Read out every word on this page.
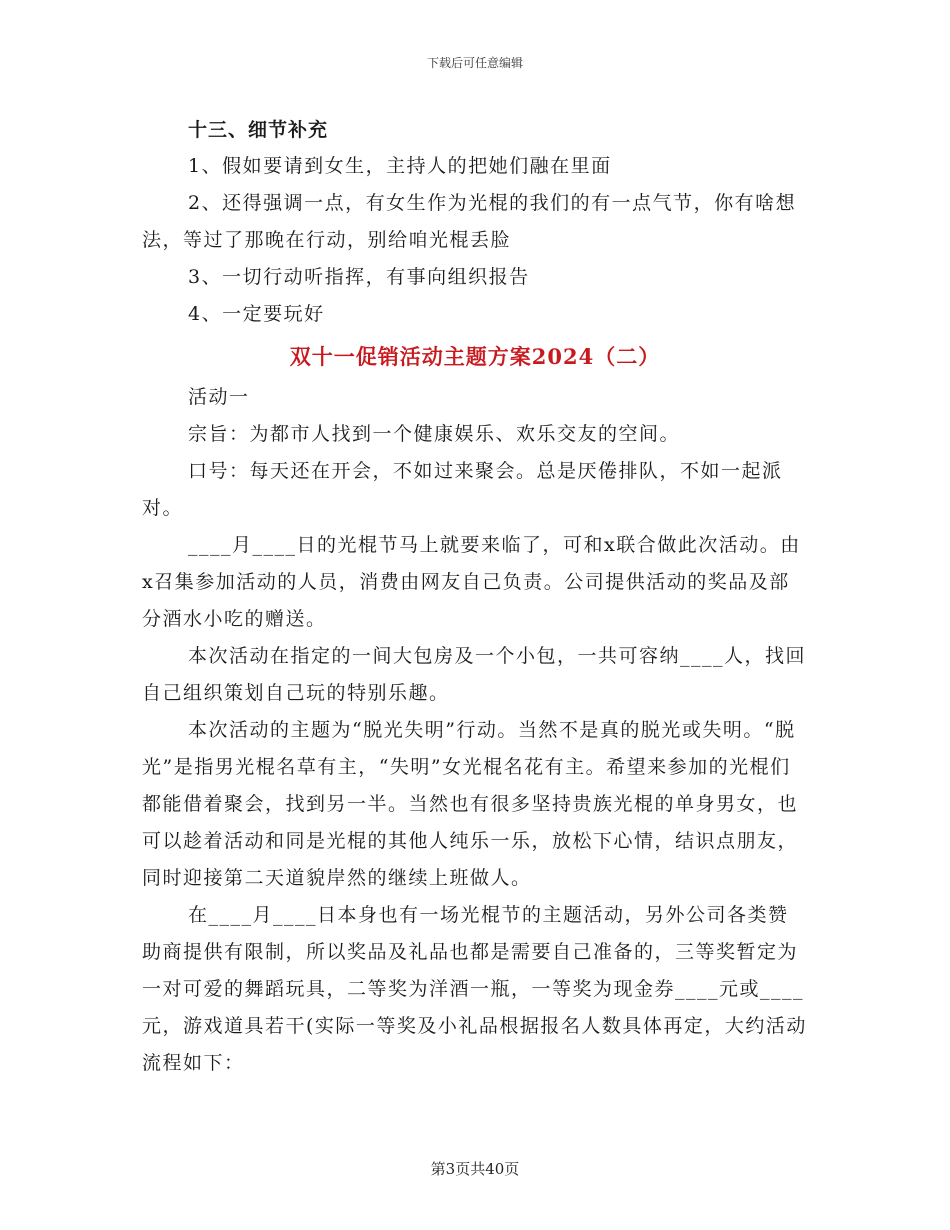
下载后可任意编辑

十三、细节补充

1、假如要请到女生，主持人的把她们融在里面

2、还得强调一点，有女生作为光棍的我们的有一点气节，你有啥想法，等过了那晚在行动，别给咱光棍丢脸

3、一切行动听指挥，有事向组织报告

4、一定要玩好

双十一促销活动主题方案2024（二）

活动一

宗旨：为都市人找到一个健康娱乐、欢乐交友的空间。

口号：每天还在开会，不如过来聚会。总是厌倦排队，不如一起派对。

____月____日的光棍节马上就要来临了，可和x联合做此次活动。由x召集参加活动的人员，消费由网友自己负责。公司提供活动的奖品及部分酒水小吃的赠送。

本次活动在指定的一间大包房及一个小包，一共可容纳____人，找回自己组织策划自己玩的特别乐趣。

本次活动的主题为“脱光失明”行动。当然不是真的脱光或失明。“脱光”是指男光棍名草有主，“失明”女光棍名花有主。希望来参加的光棍们都能借着聚会，找到另一半。当然也有很多坚持贵族光棍的单身男女，也可以趁着活动和同是光棍的其他人纯乐一乐，放松下心情，结识点朋友，同时迎接第二天道貌岸然的继续上班做人。

在____月____日本身也有一场光棍节的主题活动，另外公司各类赞助商提供有限制，所以奖品及礼品也都是需要自己准备的，三等奖暂定为一对可爱的舞蹈玩具，二等奖为洋酒一瓶，一等奖为现金券____元或____元，游戏道具若干(实际一等奖及小礼品根据报名人数具体再定，大约活动流程如下：

第3页共40页
